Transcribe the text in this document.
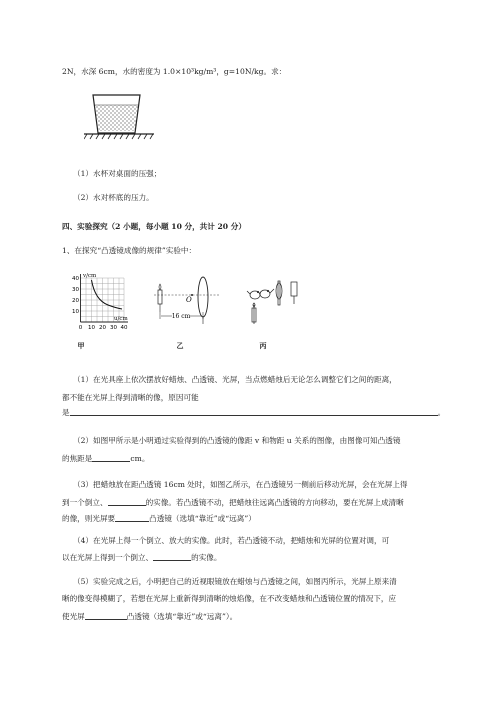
2N，水深 6cm，水的密度为 1.0×10³kg/m³，g=10N/kg。求：
（1）水杯对桌面的压强；
（2）水对杯底的压力。
四、实验探究（2 小题，每小题 10 分，共计 20 分）
1、在探究“凸透镜成像的规律”实验中：
v/cm
u/cm
40
30
20
10
0 10 20 30 40
甲
O
16 cm
乙	丙
（1）在光具座上依次摆放好蜡烛、凸透镜、光屏，当点燃蜡烛后无论怎么调整它们之间的距离，
都不能在光屏上得到清晰的像，原因可能
是	。
（2）如图甲所示是小明通过实验得到的凸透镜的像距 v 和物距 u 关系的图像，由图像可知凸透镜
的焦距是	cm。
（3）把蜡烛放在距凸透镜 16cm 处时，如图乙所示，在凸透镜另一侧前后移动光屏，会在光屏上得
到一个倒立、	的实像。若凸透镜不动，把蜡烛往远离凸透镜的方向移动，要在光屏上成清晰
的像，则光屏要	凸透镜（选填“靠近”或“远离”）
（4）在光屏上得一个倒立、放大的实像。此时，若凸透镜不动，把蜡烛和光屏的位置对调，可
以在光屏上得到一个倒立、	的实像。
（5）实验完成之后，小明把自己的近视眼镜放在蜡烛与凸透镜之间，如图丙所示，光屏上原来清
晰的像变得模糊了，若想在光屏上重新得到清晰的烛焰像，在不改变蜡烛和凸透镜位置的情况下，应
使光屏	凸透镜（选填“靠近”或“远离”）。
